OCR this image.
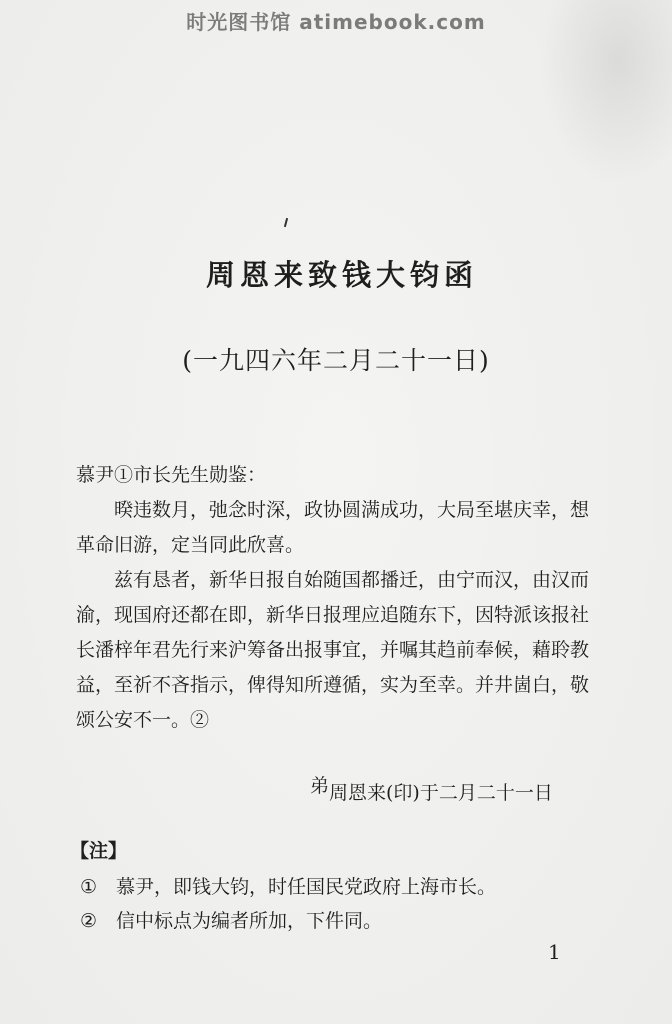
时光图书馆 atimebook.com
周恩来致钱大钧函
(一九四六年二月二十一日)

慕尹①市长先生勋鉴：

暌违数月，弛念时深，政协圆满成功，大局至堪庆幸，想革命旧游，定当同此欣喜。

兹有恳者，新华日报自始随国都播迁，由宁而汉，由汉而渝，现国府还都在即，新华日报理应追随东下，因特派该报社长潘梓年君先行来沪筹备出报事宜，并嘱其趋前奉候，藉聆教益，至祈不吝指示，俾得知所遵循，实为至幸。并井崮白，敬颂公安不一。②

弟周恩来(印)于二月二十一日
【注】
① 慕尹，即钱大钧，时任国民党政府上海市长。
② 信中标点为编者所加，下件同。
1
